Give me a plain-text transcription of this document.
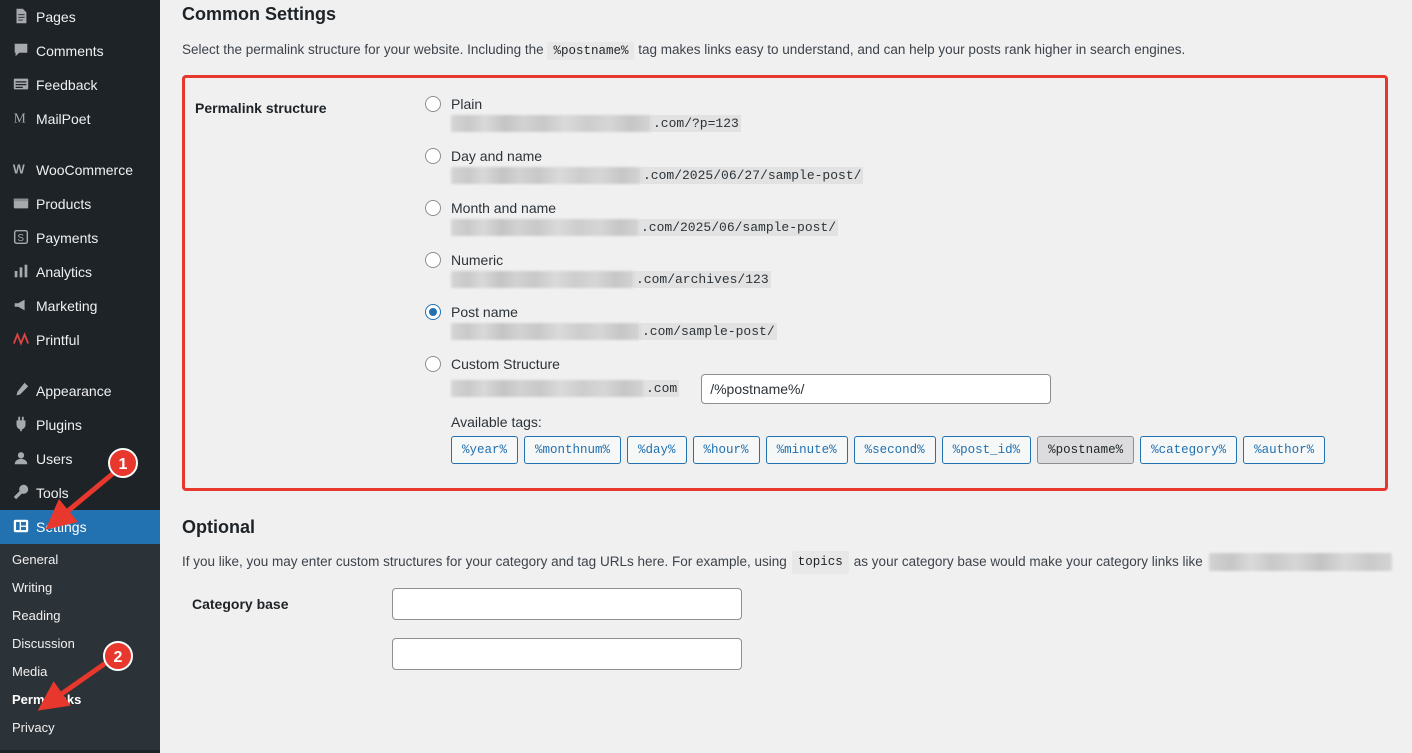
Pages
Comments
Feedback
M MailPoet
W WooCommerce
Products
S Payments
Analytics
Marketing
Printful
Appearance
Plugins
Users
Tools
Settings
General
Writing
Reading
Discussion
Media
Permalinks
Privacy
Common Settings

Select the permalink structure for your website. Including the %postname% tag makes links easy to understand, and can help your posts rank higher in search engines.

Permalink structure	Plain
.com/?p=123
Day and name
.com/2025/06/27/sample-post/
Month and name
.com/2025/06/sample-post/
Numeric
.com/archives/123
Post name
.com/sample-post/
Custom Structure
.com
/%postname%/
Available tags:
%year%	%monthnum%	%day%	%hour%	%minute%	%second%	%post_id%	%postname%	%category%	%author%
Optional
If you like, you may enter custom structures for your category and tag URLs here. For example, using topics as your category base would make your category links like
Category base
1
2
